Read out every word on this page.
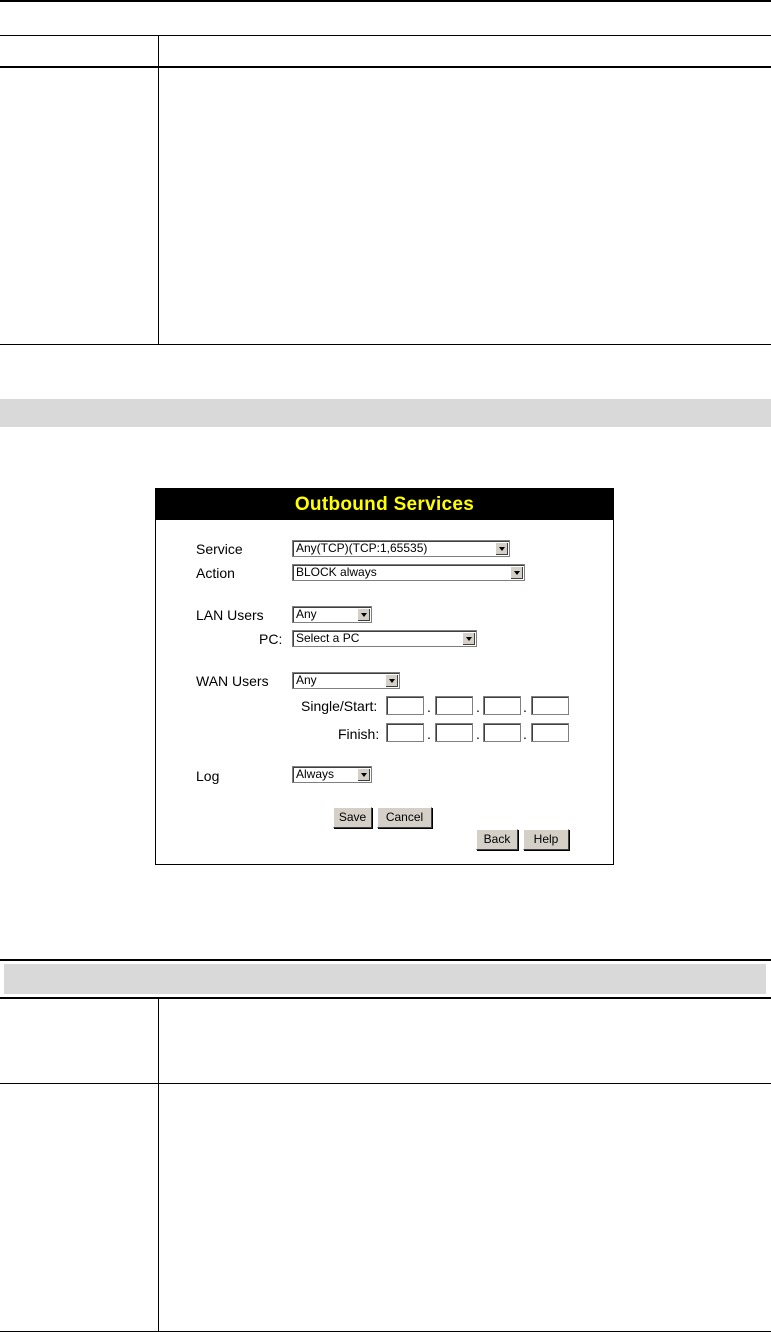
Outbound Services
Service	Any(TCP)(TCP:1,65535)
Action	BLOCK always
LAN Users	Any
PC:	Select a PC
WAN Users	Any
Single/Start:	.	.	.
Finish:	.	.	.
Log	Always
Save	Cancel
Back	Help
